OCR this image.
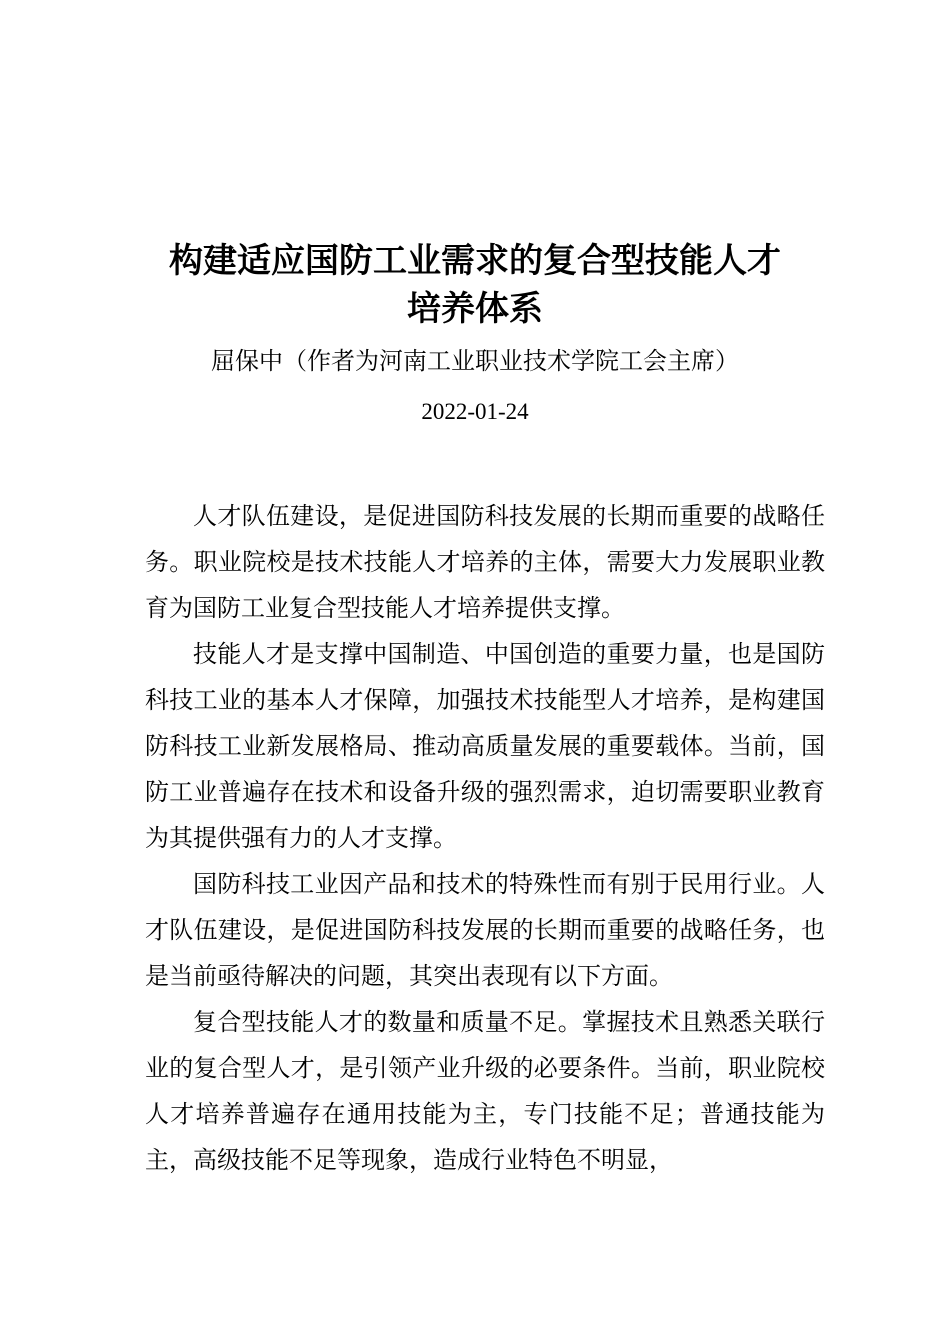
构建适应国防工业需求的复合型技能人才
培养体系
屈保中（作者为河南工业职业技术学院工会主席）
2022-01-24

人才队伍建设，是促进国防科技发展的长期而重要的战略任务。职业院校是技术技能人才培养的主体，需要大力发展职业教育为国防工业复合型技能人才培养提供支撑。

技能人才是支撑中国制造、中国创造的重要力量，也是国防科技工业的基本人才保障，加强技术技能型人才培养，是构建国防科技工业新发展格局、推动高质量发展的重要载体。当前，国防工业普遍存在技术和设备升级的强烈需求，迫切需要职业教育为其提供强有力的人才支撑。

国防科技工业因产品和技术的特殊性而有别于民用行业。人才队伍建设，是促进国防科技发展的长期而重要的战略任务，也是当前亟待解决的问题，其突出表现有以下方面。

复合型技能人才的数量和质量不足。掌握技术且熟悉关联行业的复合型人才，是引领产业升级的必要条件。当前，职业院校人才培养普遍存在通用技能为主，专门技能不足；普通技能为主，高级技能不足等现象，造成行业特色不明显，
